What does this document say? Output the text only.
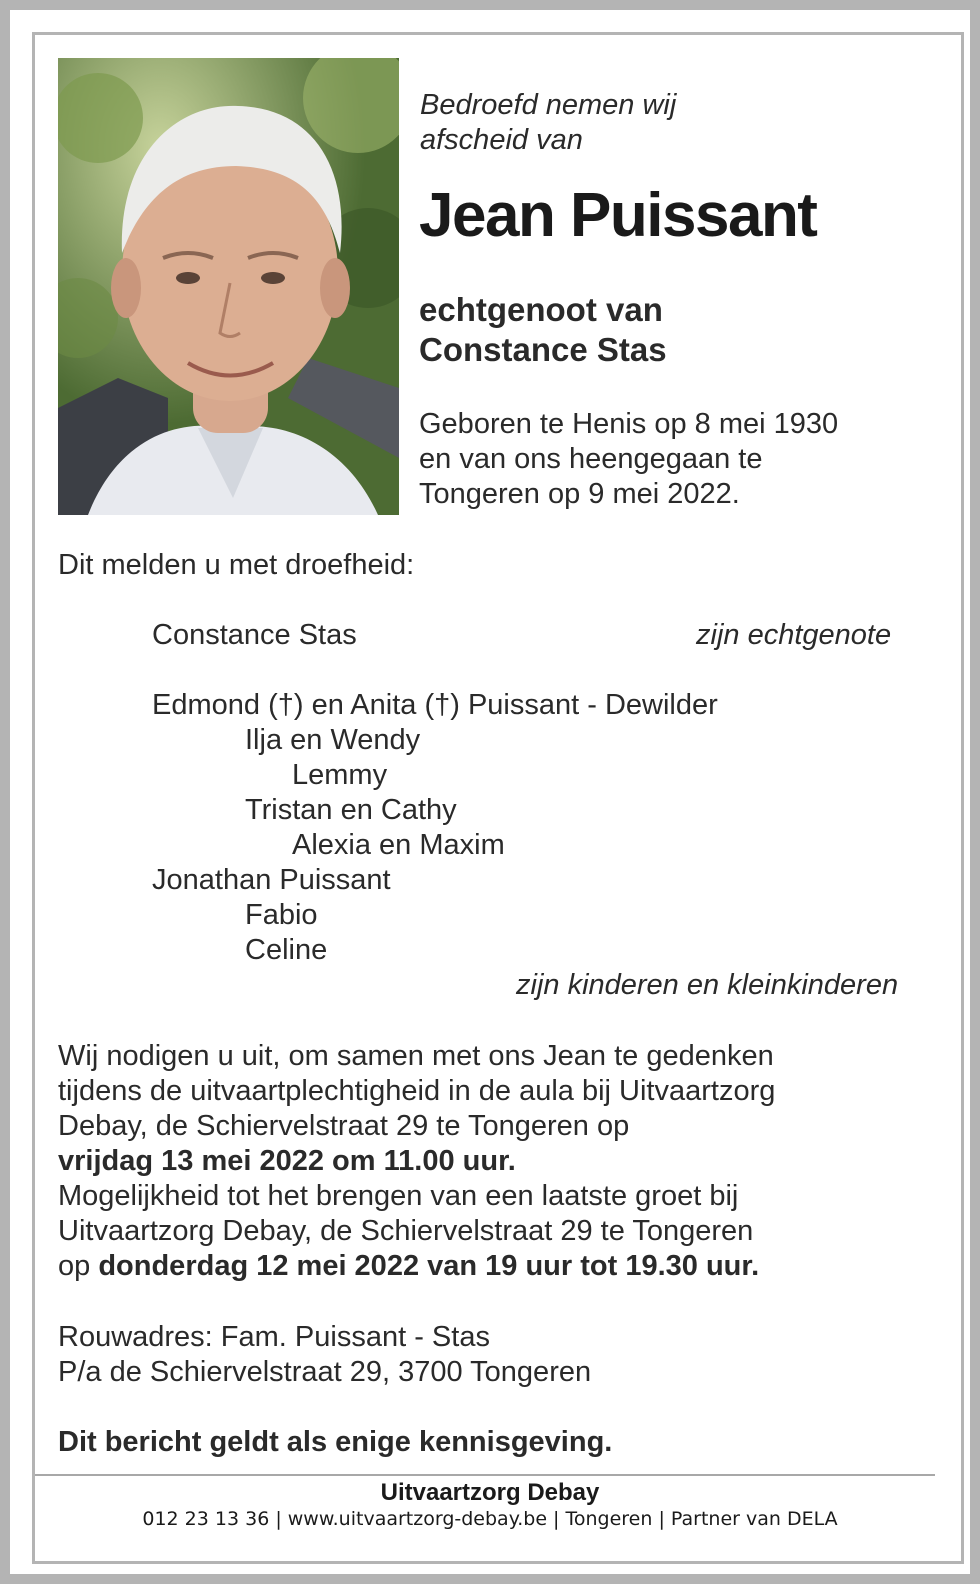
Bedroefd nemen wij
afscheid van

Jean Puissant

echtgenoot van
Constance Stas

Geboren te Henis op 8 mei 1930
en van ons heengegaan te
Tongeren op 9 mei 2022.

Dit melden u met droefheid:

Constance Stas	zijn echtgenote

Edmond (†) en Anita (†) Puissant - Dewilder

Ilja en Wendy

Lemmy

Tristan en Cathy

Alexia en Maxim

Jonathan Puissant

Fabio

Celine

zijn kinderen en kleinkinderen

Wij nodigen u uit, om samen met ons Jean te gedenken
tijdens de uitvaartplechtigheid in de aula bij Uitvaartzorg
Debay, de Schiervelstraat 29 te Tongeren op
vrijdag 13 mei 2022 om 11.00 uur.
Mogelijkheid tot het brengen van een laatste groet bij
Uitvaartzorg Debay, de Schiervelstraat 29 te Tongeren
op donderdag 12 mei 2022 van 19 uur tot 19.30 uur.

Rouwadres: Fam. Puissant - Stas
P/a de Schiervelstraat 29, 3700 Tongeren

Dit bericht geldt als enige kennisgeving.

Uitvaartzorg Debay

012 23 13 36 | www.uitvaartzorg-debay.be | Tongeren | Partner van DELA
